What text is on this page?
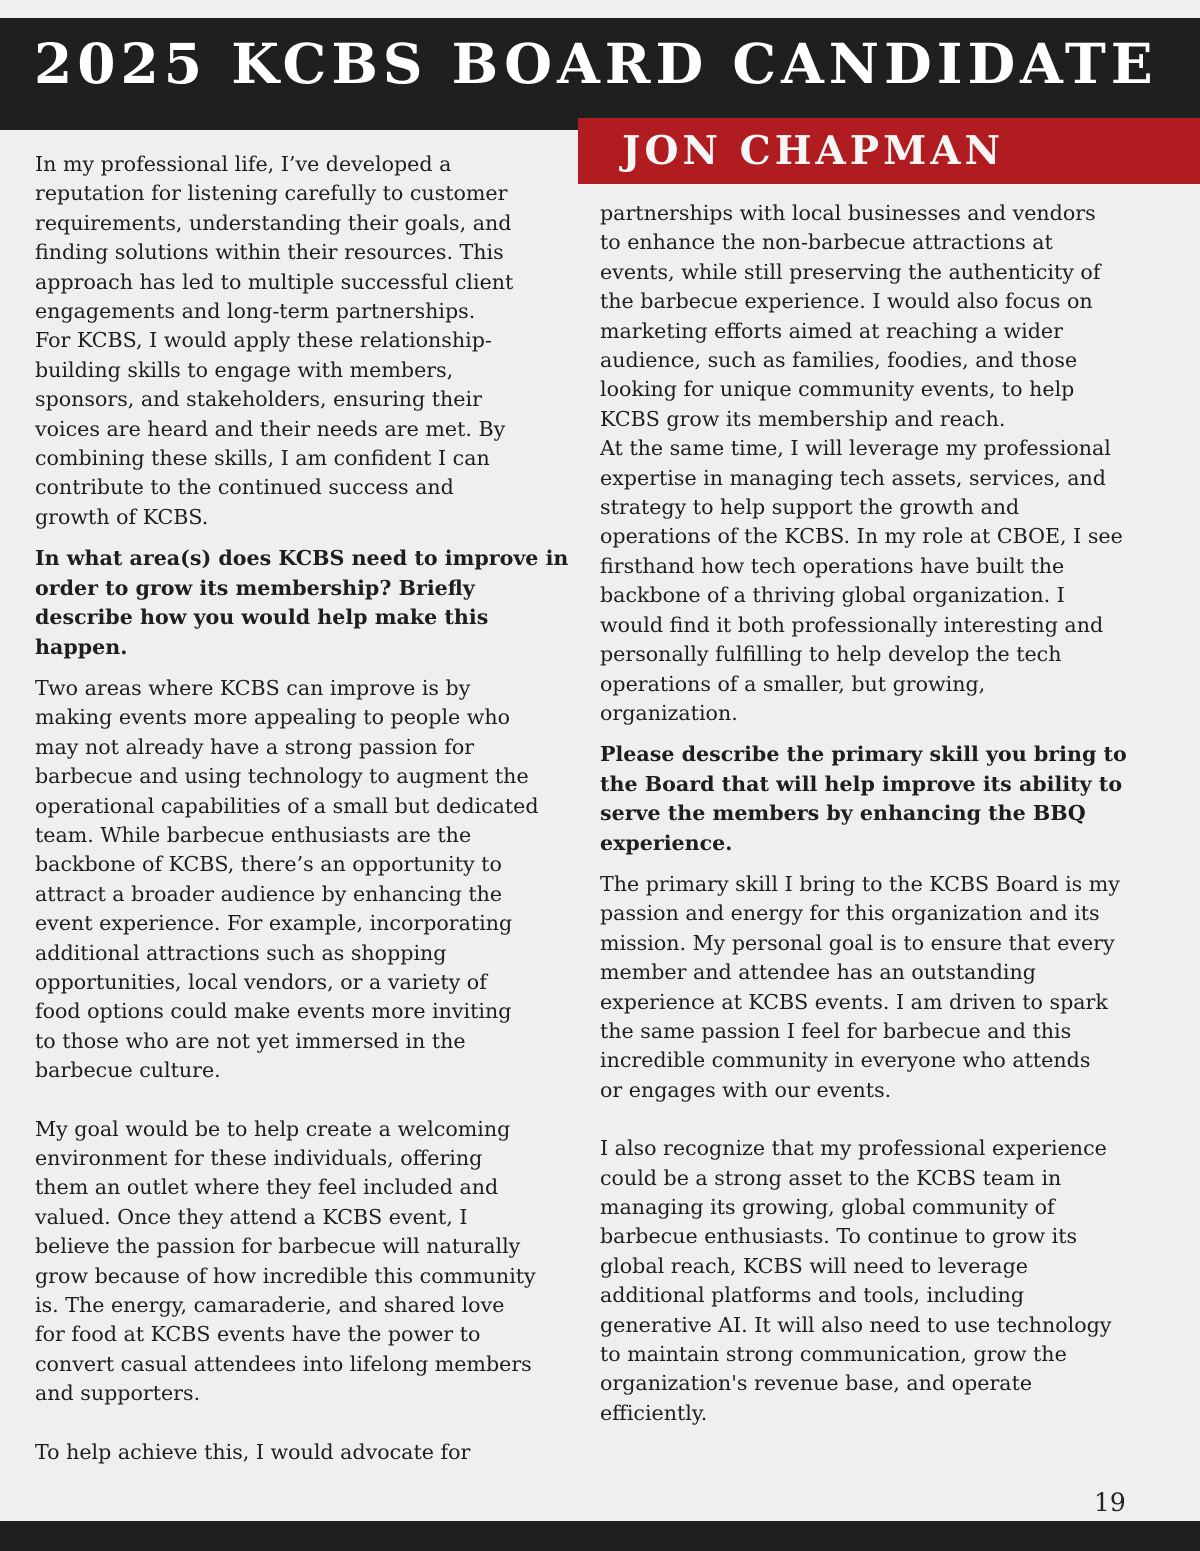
2025 KCBS BOARD CANDIDATE
JON CHAPMAN

In my professional life, I’ve developed a

reputation for listening carefully to customer

requirements, understanding their goals, and

finding solutions within their resources. This

approach has led to multiple successful client

engagements and long-term partnerships.

For KCBS, I would apply these relationship-

building skills to engage with members,

sponsors, and stakeholders, ensuring their

voices are heard and their needs are met. By

combining these skills, I am confident I can

contribute to the continued success and

growth of KCBS.

In what area(s) does KCBS need to improve in

order to grow its membership? Briefly

describe how you would help make this

happen.

Two areas where KCBS can improve is by

making events more appealing to people who

may not already have a strong passion for

barbecue and using technology to augment the

operational capabilities of a small but dedicated

team. While barbecue enthusiasts are the

backbone of KCBS, there’s an opportunity to

attract a broader audience by enhancing the

event experience. For example, incorporating

additional attractions such as shopping

opportunities, local vendors, or a variety of

food options could make events more inviting

to those who are not yet immersed in the

barbecue culture.

My goal would be to help create a welcoming

environment for these individuals, offering

them an outlet where they feel included and

valued. Once they attend a KCBS event, I

believe the passion for barbecue will naturally

grow because of how incredible this community

is. The energy, camaraderie, and shared love

for food at KCBS events have the power to

convert casual attendees into lifelong members

and supporters.

To help achieve this, I would advocate for

partnerships with local businesses and vendors

to enhance the non-barbecue attractions at

events, while still preserving the authenticity of

the barbecue experience. I would also focus on

marketing efforts aimed at reaching a wider

audience, such as families, foodies, and those

looking for unique community events, to help

KCBS grow its membership and reach.

At the same time, I will leverage my professional

expertise in managing tech assets, services, and

strategy to help support the growth and

operations of the KCBS. In my role at CBOE, I see

firsthand how tech operations have built the

backbone of a thriving global organization. I

would find it both professionally interesting and

personally fulfilling to help develop the tech

operations of a smaller, but growing,

organization.

Please describe the primary skill you bring to

the Board that will help improve its ability to

serve the members by enhancing the BBQ

experience.

The primary skill I bring to the KCBS Board is my

passion and energy for this organization and its

mission. My personal goal is to ensure that every

member and attendee has an outstanding

experience at KCBS events. I am driven to spark

the same passion I feel for barbecue and this

incredible community in everyone who attends

or engages with our events.

I also recognize that my professional experience

could be a strong asset to the KCBS team in

managing its growing, global community of

barbecue enthusiasts. To continue to grow its

global reach, KCBS will need to leverage

additional platforms and tools, including

generative AI. It will also need to use technology

to maintain strong communication, grow the

organization's revenue base, and operate

efficiently.

19
